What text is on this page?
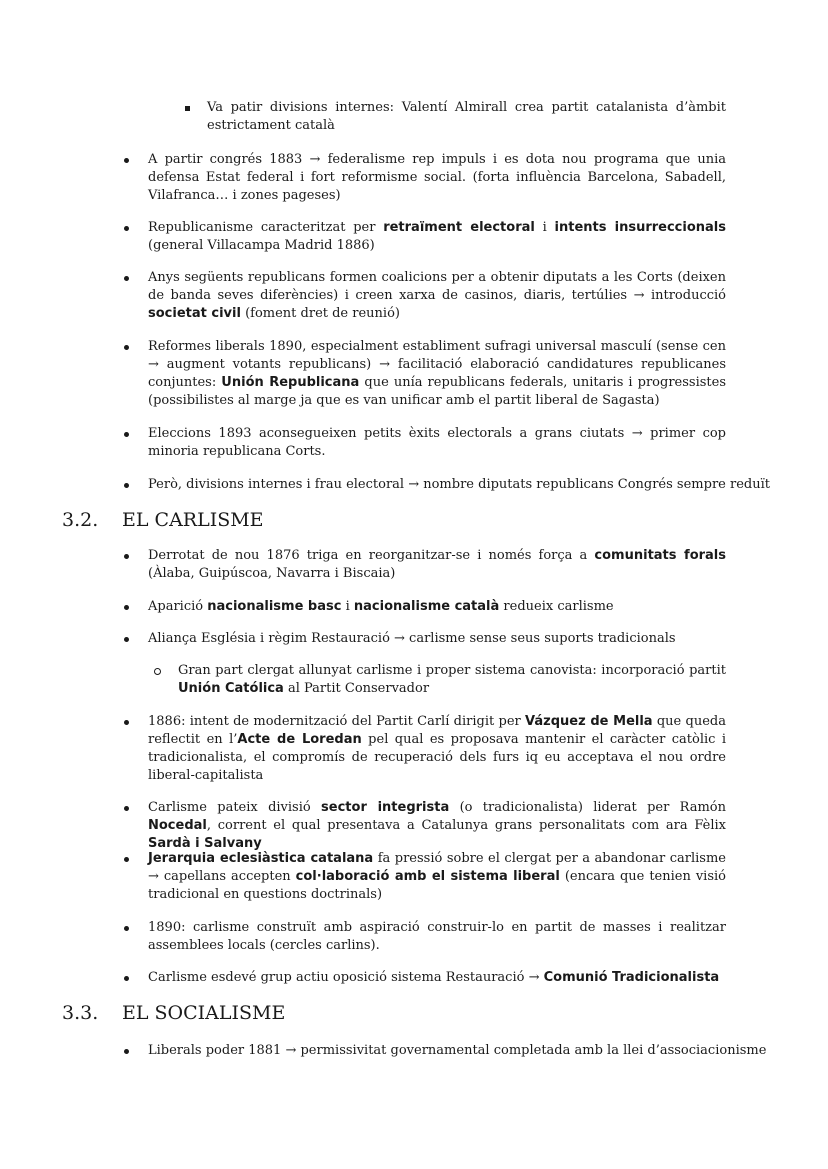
Va patir divisions internes: Valentí Almirall crea partit catalanista d’àmbit estrictament català
A partir congrés 1883 → federalisme rep impuls i es dota nou programa que unia defensa Estat federal i fort reformisme social. (forta influència Barcelona, Sabadell, Vilafranca… i zones pageses)
Republicanisme caracteritzat per retraïment electoral i intents insurreccionals (general Villacampa Madrid 1886)
Anys següents republicans formen coalicions per a obtenir diputats a les Corts (deixen de banda seves diferències) i creen xarxa de casinos, diaris, tertúlies → introducció societat civil (foment dret de reunió)
Reformes liberals 1890, especialment establiment sufragi universal masculí (sense cen → augment votants republicans) → facilitació elaboració candidatures republicanes conjuntes: Unión Republicana que unía republicans federals, unitaris i progressistes (possibilistes al marge ja que es van unificar amb el partit liberal de Sagasta)
Eleccions 1893 aconsegueixen petits èxits electorals a grans ciutats → primer cop minoria republicana Corts.
Però, divisions internes i frau electoral → nombre diputats republicans Congrés sempre reduït
3.2. EL CARLISME
Derrotat de nou 1876 triga en reorganitzar-se i només força a comunitats forals (Àlaba, Guipúscoa, Navarra i Biscaia)
Aparició nacionalisme basc i nacionalisme català redueix carlisme
Aliança Església i règim Restauració → carlisme sense seus suports tradicionals
Gran part clergat allunyat carlisme i proper sistema canovista: incorporació partit Unión Católica al Partit Conservador
1886: intent de modernització del Partit Carlí dirigit per Vázquez de Mella que queda reflectit en l’Acte de Loredan pel qual es proposava mantenir el caràcter catòlic i tradicionalista, el compromís de recuperació dels furs iq eu acceptava el nou ordre liberal-capitalista
Carlisme pateix divisió sector integrista (o tradicionalista) liderat per Ramón Nocedal, corrent el qual presentava a Catalunya grans personalitats com ara Fèlix Sardà i Salvany
Jerarquia eclesiàstica catalana fa pressió sobre el clergat per a abandonar carlisme → capellans accepten col·laboració amb el sistema liberal (encara que tenien visió tradicional en questions doctrinals)
1890: carlisme construït amb aspiració construir-lo en partit de masses i realitzar assemblees locals (cercles carlins).
Carlisme esdevé grup actiu oposició sistema Restauració → Comunió Tradicionalista
3.3. EL SOCIALISME
Liberals poder 1881 → permissivitat governamental completada amb la llei d’associacionisme
